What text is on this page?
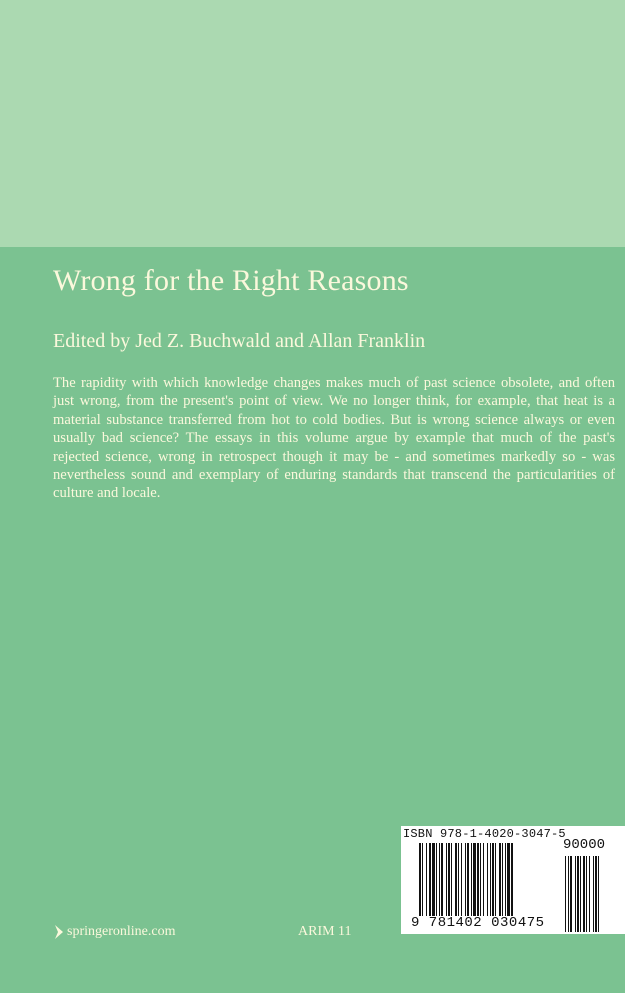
Wrong for the Right Reasons
Edited by Jed Z. Buchwald and Allan Franklin

The rapidity with which knowledge changes makes much of past science obsolete, and often just wrong, from the present's point of view. We no longer think, for example, that heat is a material substance transferred from hot to cold bodies. But is wrong science always or even usually bad science? The essays in this volume argue by example that much of the past's rejected science, wrong in retrospect though it may be - and sometimes markedly so - was nevertheless sound and exemplary of enduring standards that transcend the particularities of culture and locale.

springeronline.com	ARIM 11
ISBN 978-1-4020-3047-5
90000
9 781402 030475
